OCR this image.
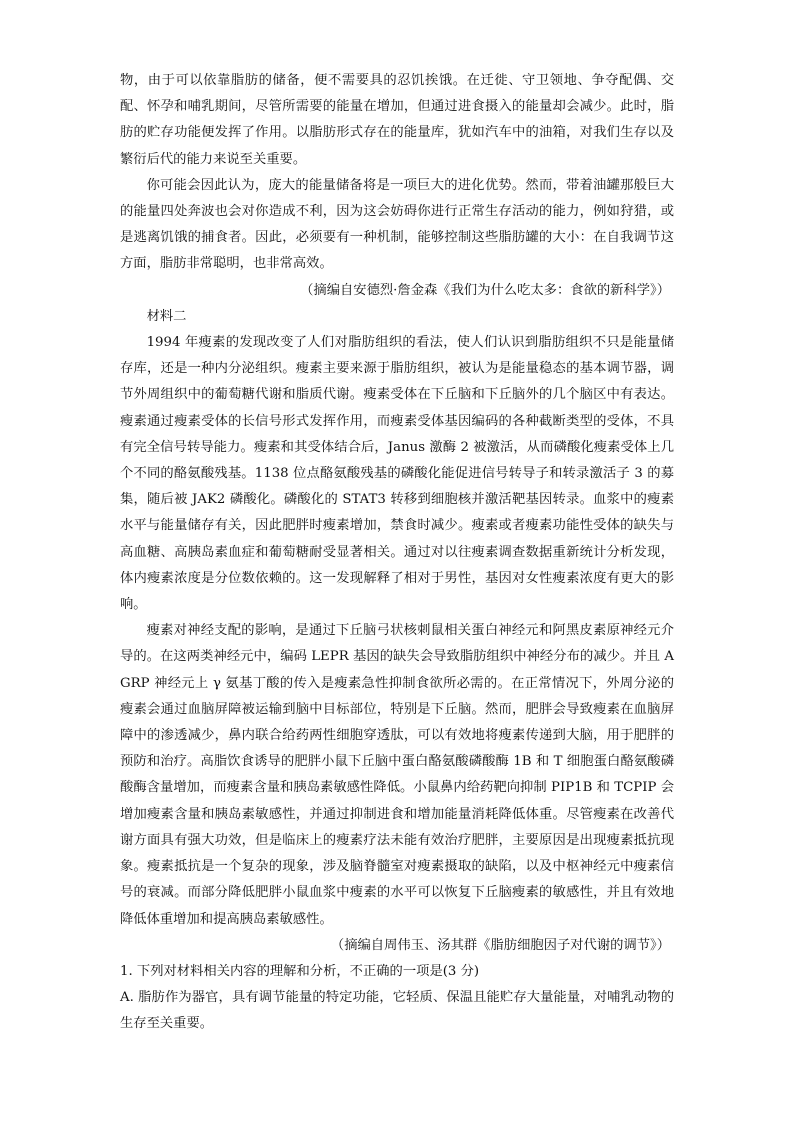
物，由于可以依靠脂肪的储备，便不需要具的忍饥挨饿。在迁徙、守卫领地、争夺配偶、交配、怀孕和哺乳期间，尽管所需要的能量在增加，但通过进食摄入的能量却会减少。此时，脂肪的贮存功能便发挥了作用。以脂肪形式存在的能量库，犹如汽车中的油箱，对我们生存以及繁衍后代的能力来说至关重要。

你可能会因此认为，庞大的能量储备将是一项巨大的进化优势。然而，带着油罐那般巨大的能量四处奔波也会对你造成不利，因为这会妨碍你进行正常生存活动的能力，例如狩猎，或是逃离饥饿的捕食者。因此，必须要有一种机制，能够控制这些脂肪罐的大小：在自我调节这方面，脂肪非常聪明，也非常高效。

（摘编自安德烈·詹金森《我们为什么吃太多：食欲的新科学》）

材料二

1994 年瘦素的发现改变了人们对脂肪组织的看法，使人们认识到脂肪组织不只是能量储存库，还是一种内分泌组织。瘦素主要来源于脂肪组织，被认为是能量稳态的基本调节器，调节外周组织中的葡萄糖代谢和脂质代谢。瘦素受体在下丘脑和下丘脑外的几个脑区中有表达。瘦素通过瘦素受体的长信号形式发挥作用，而瘦素受体基因编码的各种截断类型的受体，不具有完全信号转导能力。瘦素和其受体结合后，Janus 激酶 2 被激活，从而磷酸化瘦素受体上几个不同的酪氨酸残基。1138 位点酪氨酸残基的磷酸化能促进信号转导子和转录激活子 3 的募集，随后被 JAK2 磷酸化。磷酸化的 STAT3 转移到细胞核并激活靶基因转录。血浆中的瘦素水平与能量储存有关，因此肥胖时瘦素增加，禁食时减少。瘦素或者瘦素功能性受体的缺失与高血糖、高胰岛素血症和葡萄糖耐受显著相关。通过对以往瘦素调查数据重新统计分析发现，体内瘦素浓度是分位数依赖的。这一发现解释了相对于男性，基因对女性瘦素浓度有更大的影响。

瘦素对神经支配的影响，是通过下丘脑弓状核刺鼠相关蛋白神经元和阿黑皮素原神经元介导的。在这两类神经元中，编码 LEPR 基因的缺失会导致脂肪组织中神经分布的减少。并且 AGRP 神经元上 γ 氨基丁酸的传入是瘦素急性抑制食欲所必需的。在正常情况下，外周分泌的瘦素会通过血脑屏障被运输到脑中目标部位，特别是下丘脑。然而，肥胖会导致瘦素在血脑屏障中的渗透减少，鼻内联合给药两性细胞穿透肽，可以有效地将瘦素传递到大脑，用于肥胖的预防和治疗。高脂饮食诱导的肥胖小鼠下丘脑中蛋白酪氨酸磷酸酶 1B 和 T 细胞蛋白酪氨酸磷酸酶含量增加，而瘦素含量和胰岛素敏感性降低。小鼠鼻内给药靶向抑制 PIP1B 和 TCPIP 会增加瘦素含量和胰岛素敏感性，并通过抑制进食和增加能量消耗降低体重。尽管瘦素在改善代谢方面具有强大功效，但是临床上的瘦素疗法未能有效治疗肥胖，主要原因是出现瘦素抵抗现象。瘦素抵抗是一个复杂的现象，涉及脑脊髓室对瘦素摄取的缺陷，以及中枢神经元中瘦素信号的衰减。而部分降低肥胖小鼠血浆中瘦素的水平可以恢复下丘脑瘦素的敏感性，并且有效地降低体重增加和提高胰岛素敏感性。

（摘编自周伟玉、汤其群《脂肪细胞因子对代谢的调节》）

1. 下列对材料相关内容的理解和分析，不正确的一项是(3 分)

A. 脂肪作为器官，具有调节能量的特定功能，它轻质、保温且能贮存大量能量，对哺乳动物的生存至关重要。
